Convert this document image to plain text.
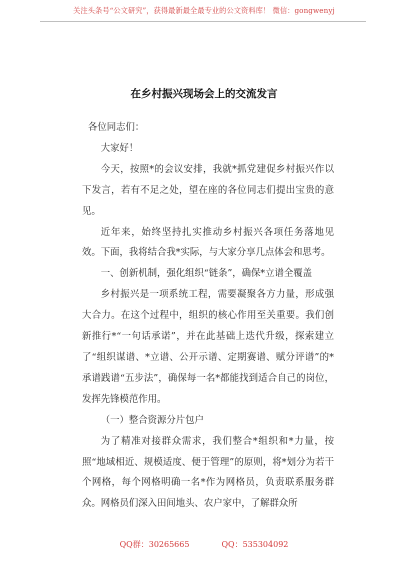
关注头条号“公文研究”，获得最新最全最专业的公文资料库！ 微信：gongwenyj
在乡村振兴现场会上的交流发言

各位同志们：

大家好！

今天，按照*的会议安排，我就*抓党建促乡村振兴作以下发言，若有不足之处，望在座的各位同志们提出宝贵的意见。

近年来，始终坚持扎实推动乡村振兴各项任务落地见效。下面，我将结合我*实际，与大家分享几点体会和思考。

一、创新机制，强化组织“链条”，确保*立谱全覆盖

乡村振兴是一项系统工程，需要凝聚各方力量，形成强大合力。在这个过程中，组织的核心作用至关重要。我们创新推行*“一句话承诺”，并在此基础上迭代升级，探索建立了“组织谋谱、*立谱、公开示谱、定期赛谱、赋分评谱”的*承谱践谱“五步法”，确保每一名*都能找到适合自己的岗位，发挥先锋模范作用。

（一）整合资源分片包户

为了精准对接群众需求，我们整合*组织和*力量，按照“地域相近、规模适度、便于管理”的原则，将*划分为若干个网格，每个网格明确一名*作为网格员，负责联系服务群众。网格员们深入田间地头、农户家中，了解群众所

QQ群：30265665	QQ：535304092
